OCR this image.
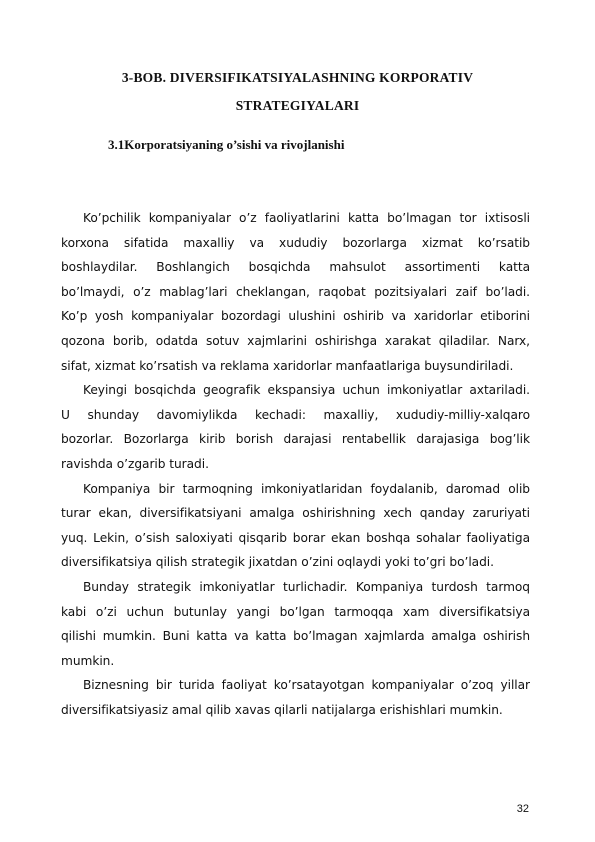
3-BOB. DIVERSIFIKATSIYALASHNING KORPORATIV
STRATEGIYALARI
3.1Korporatsiyaning o’sishi va rivojlanishi
Ko’pchilik kompaniyalar o’z faoliyatlarini katta bo’lmagan tor ixtisosli
korxona sifatida maxalliy va xududiy bozorlarga xizmat ko’rsatib
boshlaydilar. Boshlangich bosqichda mahsulot assortimenti katta
bo’lmaydi, o’z mablag’lari cheklangan, raqobat pozitsiyalari zaif bo’ladi.
Ko’p yosh kompaniyalar bozordagi ulushini oshirib va xaridorlar etiborini
qozona borib, odatda sotuv xajmlarini oshirishga xarakat qiladilar. Narx,
sifat, xizmat ko’rsatish va reklama xaridorlar manfaatlariga buysundiriladi.
Keyingi bosqichda geografik ekspansiya uchun imkoniyatlar axtariladi.
U shunday davomiylikda kechadi: maxalliy, xududiy-milliy-xalqaro
bozorlar. Bozorlarga kirib borish darajasi rentabellik darajasiga bog’lik
ravishda o’zgarib turadi.
Kompaniya bir tarmoqning imkoniyatlaridan foydalanib, daromad olib
turar ekan, diversifikatsiyani amalga oshirishning xech qanday zaruriyati
yuq. Lekin, o’sish saloxiyati qisqarib borar ekan boshqa sohalar faoliyatiga
diversifikatsiya qilish strategik jixatdan o’zini oqlaydi yoki to’gri bo’ladi.
Bunday strategik imkoniyatlar turlichadir. Kompaniya turdosh tarmoq
kabi o’zi uchun butunlay yangi bo’lgan tarmoqqa xam diversifikatsiya
qilishi mumkin. Buni katta va katta bo’lmagan xajmlarda amalga oshirish
mumkin.
Biznesning bir turida faoliyat ko’rsatayotgan kompaniyalar o’zoq yillar
diversifikatsiyasiz amal qilib xavas qilarli natijalarga erishishlari mumkin.
32
